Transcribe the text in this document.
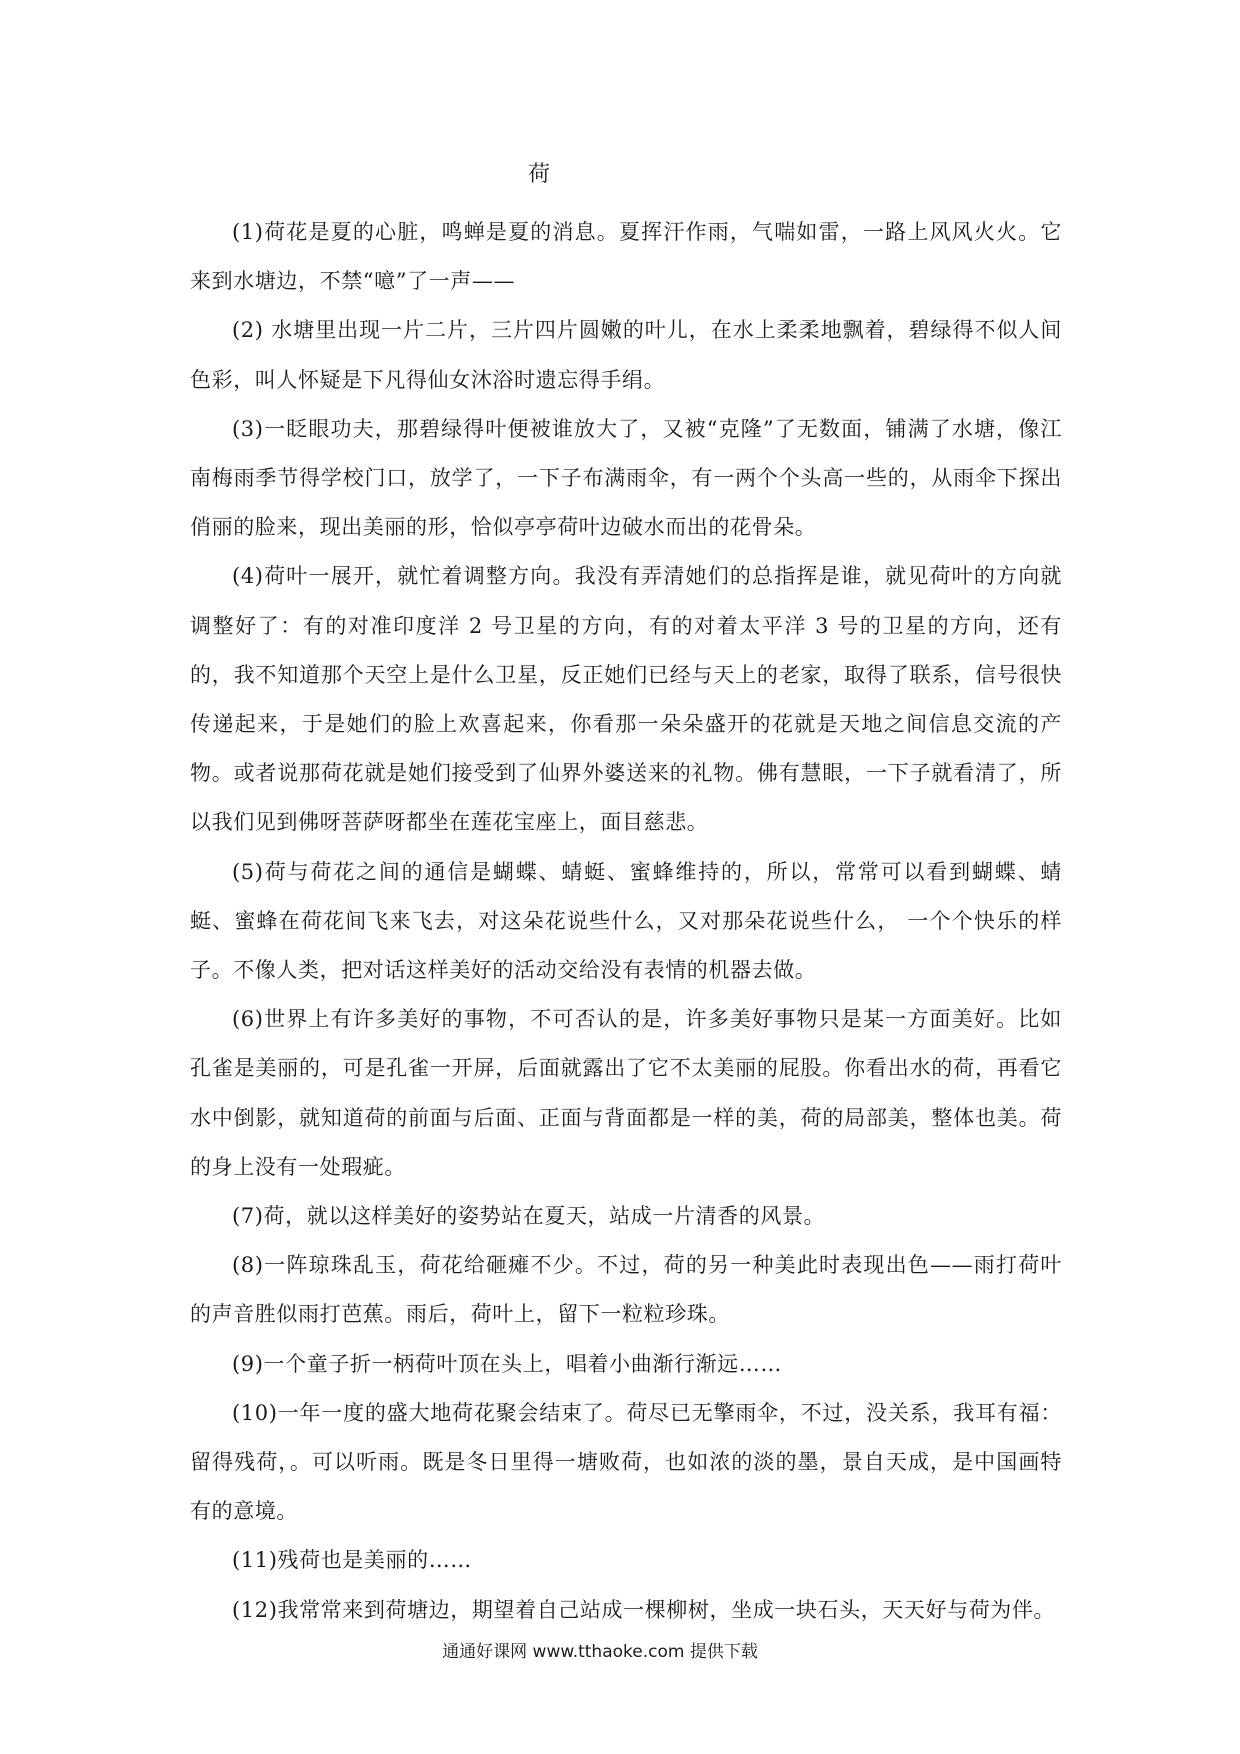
荷

(1)荷花是夏的心脏，鸣蝉是夏的消息。夏挥汗作雨，气喘如雷，一路上风风火火。它来到水塘边，不禁“噫”了一声——

(2) 水塘里出现一片二片，三片四片圆嫩的叶儿，在水上柔柔地飘着，碧绿得不似人间色彩，叫人怀疑是下凡得仙女沐浴时遗忘得手绢。

(3)一眨眼功夫，那碧绿得叶便被谁放大了，又被“克隆”了无数面，铺满了水塘，像江南梅雨季节得学校门口，放学了，一下子布满雨伞，有一两个个头高一些的，从雨伞下探出俏丽的脸来，现出美丽的形，恰似亭亭荷叶边破水而出的花骨朵。

(4)荷叶一展开，就忙着调整方向。我没有弄清她们的总指挥是谁，就见荷叶的方向就调整好了：有的对准印度洋 2 号卫星的方向，有的对着太平洋 3 号的卫星的方向，还有的，我不知道那个天空上是什么卫星，反正她们已经与天上的老家，取得了联系，信号很快传递起来，于是她们的脸上欢喜起来，你看那一朵朵盛开的花就是天地之间信息交流的产物。或者说那荷花就是她们接受到了仙界外婆送来的礼物。佛有慧眼，一下子就看清了，所以我们见到佛呀菩萨呀都坐在莲花宝座上，面目慈悲。

(5)荷与荷花之间的通信是蝴蝶、蜻蜓、蜜蜂维持的，所以，常常可以看到蝴蝶、蜻蜓、蜜蜂在荷花间飞来飞去，对这朵花说些什么，又对那朵花说些什么， 一个个快乐的样子。不像人类，把对话这样美好的活动交给没有表情的机器去做。

(6)世界上有许多美好的事物，不可否认的是，许多美好事物只是某一方面美好。比如孔雀是美丽的，可是孔雀一开屏，后面就露出了它不太美丽的屁股。你看出水的荷，再看它水中倒影，就知道荷的前面与后面、正面与背面都是一样的美，荷的局部美，整体也美。荷的身上没有一处瑕疵。

(7)荷，就以这样美好的姿势站在夏天，站成一片清香的风景。

(8)一阵琼珠乱玉，荷花给砸瘫不少。不过，荷的另一种美此时表现出色——雨打荷叶的声音胜似雨打芭蕉。雨后，荷叶上，留下一粒粒珍珠。

(9)一个童子折一柄荷叶顶在头上，唱着小曲渐行渐远……

(10)一年一度的盛大地荷花聚会结束了。荷尽已无擎雨伞，不过，没关系，我耳有福：留得残荷，。可以听雨。既是冬日里得一塘败荷，也如浓的淡的墨，景自天成，是中国画特有的意境。

(11)残荷也是美丽的……

(12)我常常来到荷塘边，期望着自己站成一棵柳树，坐成一块石头，天天好与荷为伴。

通通好课网 www.tthaoke.com 提供下载
